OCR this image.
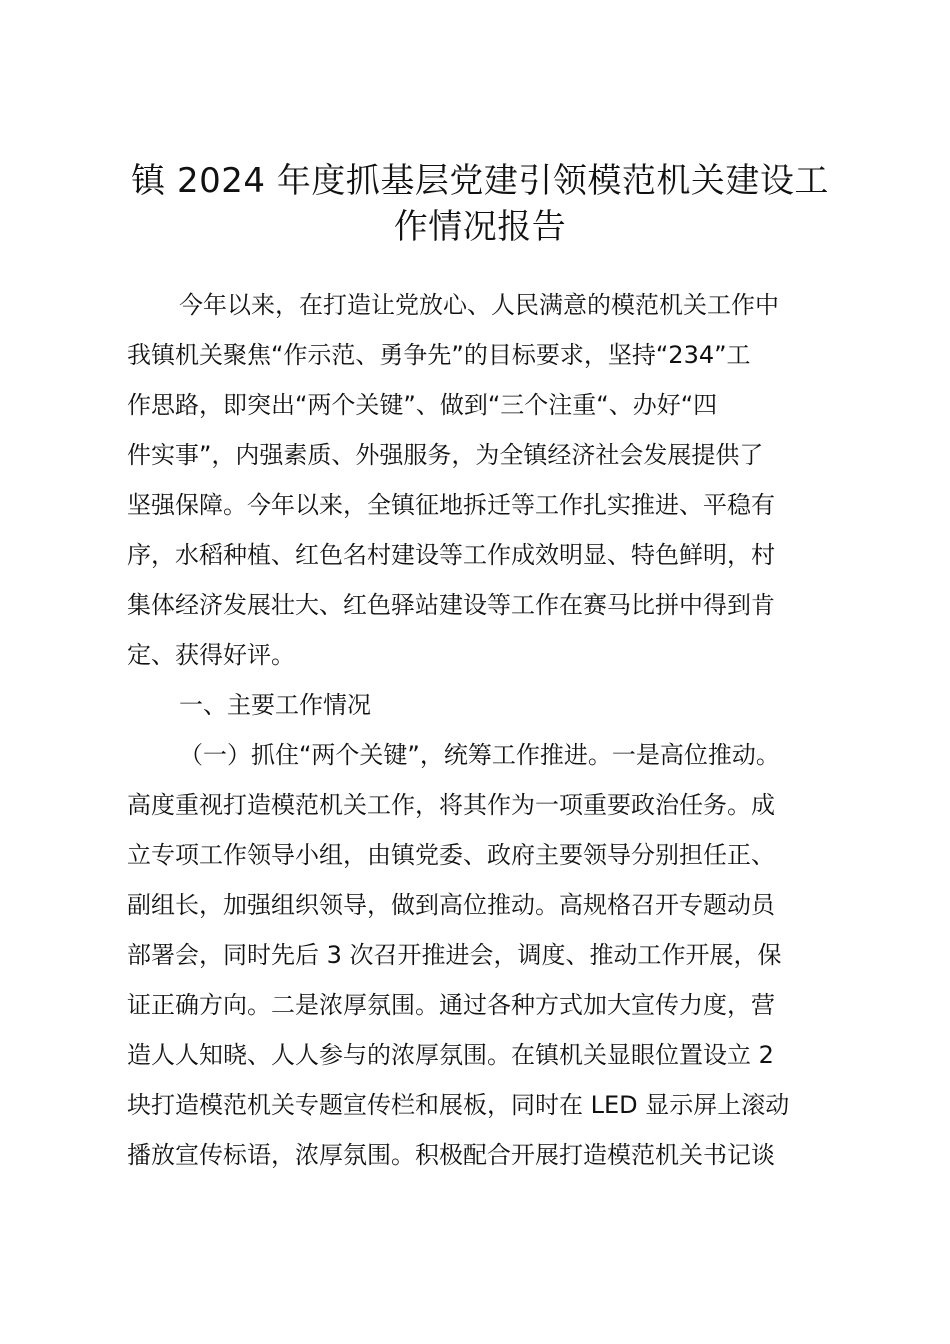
镇 2024 年度抓基层党建引领模范机关建设工
作情况报告
今年以来，在打造让党放心、人民满意的模范机关工作中
我镇机关聚焦“作示范、勇争先”的目标要求，坚持“234”工
作思路，即突出“两个关键”、做到“三个注重“、办好“四
件实事”，内强素质、外强服务，为全镇经济社会发展提供了
坚强保障。今年以来，全镇征地拆迁等工作扎实推进、平稳有
序，水稻种植、红色名村建设等工作成效明显、特色鲜明，村
集体经济发展壮大、红色驿站建设等工作在赛马比拼中得到肯
定、获得好评。
一、主要工作情况
（一）抓住“两个关键”，统筹工作推进。一是高位推动。
高度重视打造模范机关工作，将其作为一项重要政治任务。成
立专项工作领导小组，由镇党委、政府主要领导分别担任正、
副组长，加强组织领导，做到高位推动。高规格召开专题动员
部署会，同时先后 3 次召开推进会，调度、推动工作开展，保
证正确方向。二是浓厚氛围。通过各种方式加大宣传力度，营
造人人知晓、人人参与的浓厚氛围。在镇机关显眼位置设立 2
块打造模范机关专题宣传栏和展板，同时在 LED 显示屏上滚动
播放宣传标语，浓厚氛围。积极配合开展打造模范机关书记谈
